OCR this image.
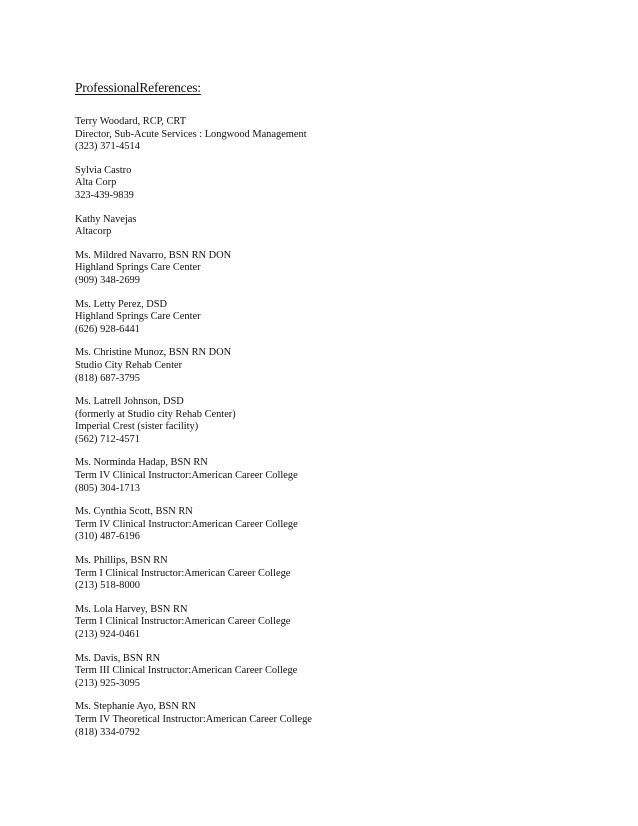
ProfessionalReferences:
Terry Woodard, RCP, CRT
Director, Sub-Acute Services : Longwood Management
(323) 371-4514
Sylvia Castro
Alta Corp
323-439-9839
Kathy Navejas
Altacorp
Ms. Mildred Navarro, BSN RN DON
Highland Springs Care Center
(909) 348-2699
Ms. Letty Perez, DSD
Highland Springs Care Center
(626) 928-6441
Ms. Christine Munoz, BSN RN DON
Studio City Rehab Center
(818) 687-3795
Ms. Latrell Johnson, DSD
(formerly at Studio city Rehab Center)
Imperial Crest (sister facility)
(562) 712-4571
Ms. Norminda Hadap, BSN RN
Term IV Clinical Instructor:American Career College
(805) 304-1713
Ms. Cynthia Scott, BSN RN
Term IV Clinical Instructor:American Career College
(310) 487-6196
Ms. Phillips, BSN RN
Term I Clinical Instructor:American Career College
(213) 518-8000
Ms. Lola Harvey, BSN RN
Term I Clinical Instructor:American Career College
(213) 924-0461
Ms. Davis, BSN RN
Term III Clinical Instructor:American Career College
(213) 925-3095
Ms. Stephanie Ayo, BSN RN
Term IV Theoretical Instructor:American Career College
(818) 334-0792
